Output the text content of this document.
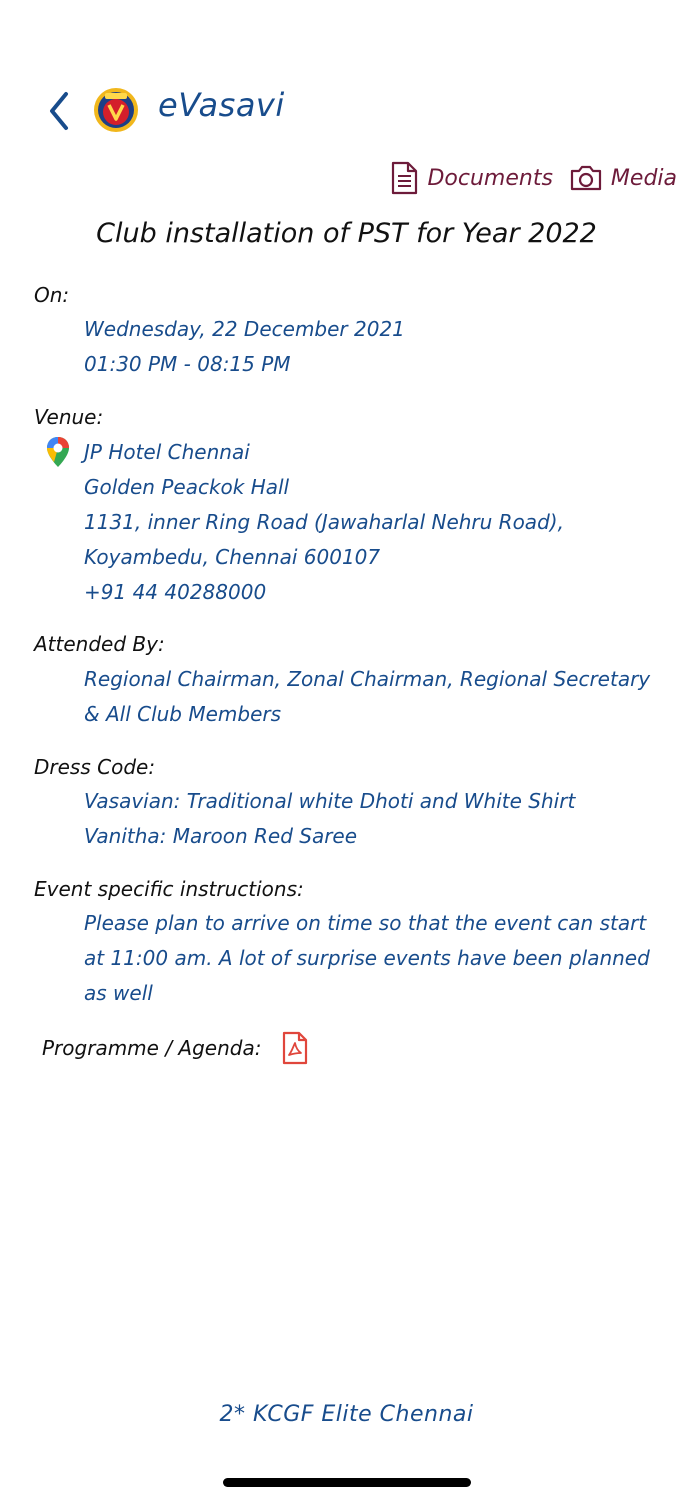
eVasavi
Documents	Media
Club installation of PST for Year 2022
On:
Wednesday, 22 December 2021
01:30 PM - 08:15 PM
Venue:
JP Hotel Chennai
Golden Peackok Hall
1131, inner Ring Road (Jawaharlal Nehru Road),
Koyambedu, Chennai 600107
+91 44 40288000
Attended By:
Regional Chairman, Zonal Chairman, Regional Secretary
& All Club Members
Dress Code:
Vasavian: Traditional white Dhoti and White Shirt
Vanitha: Maroon Red Saree
Event specific instructions:
Please plan to arrive on time so that the event can start
at 11:00 am. A lot of surprise events have been planned
as well
Programme / Agenda:
2* KCGF Elite Chennai
